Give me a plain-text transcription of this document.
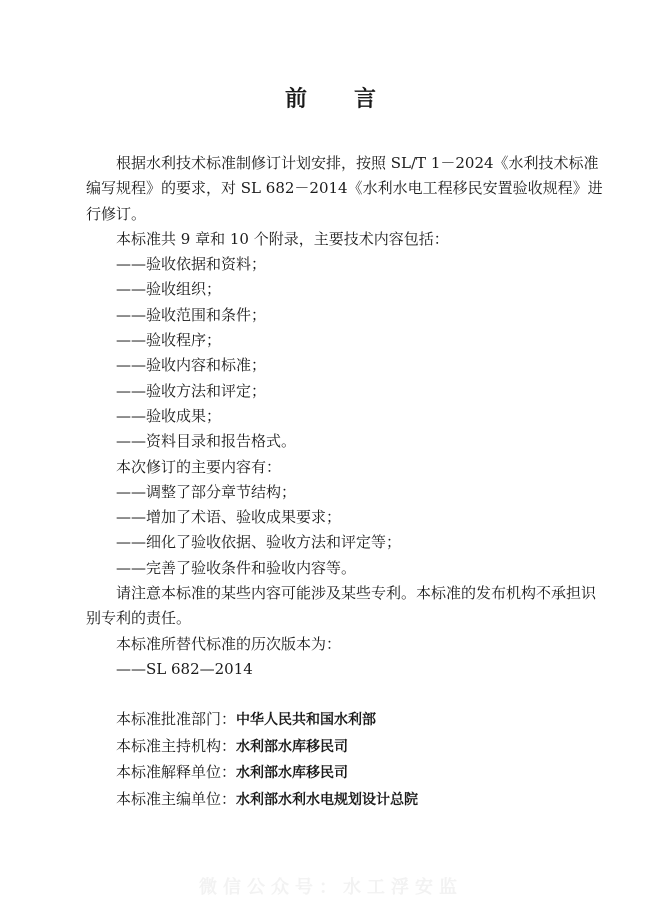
前　　言

根据水利技术标准制修订计划安排，按照 SL/T 1－2024《水利技术标准编写规程》的要求，对 SL 682－2014《水利水电工程移民安置验收规程》进行修订。

本标准共 9 章和 10 个附录，主要技术内容包括：

——验收依据和资料；

——验收组织；

——验收范围和条件；

——验收程序；

——验收内容和标准；

——验收方法和评定；

——验收成果；

——资料目录和报告格式。

本次修订的主要内容有：

——调整了部分章节结构；

——增加了术语、验收成果要求；

——细化了验收依据、验收方法和评定等；

——完善了验收条件和验收内容等。

请注意本标准的某些内容可能涉及某些专利。本标准的发布机构不承担识别专利的责任。

本标准所替代标准的历次版本为：

——SL 682—2014

本标准批准部门：中华人民共和国水利部

本标准主持机构：水利部水库移民司

本标准解释单位：水利部水库移民司

本标准主编单位：水利部水利水电规划设计总院

微信公众号：水工浮安监
